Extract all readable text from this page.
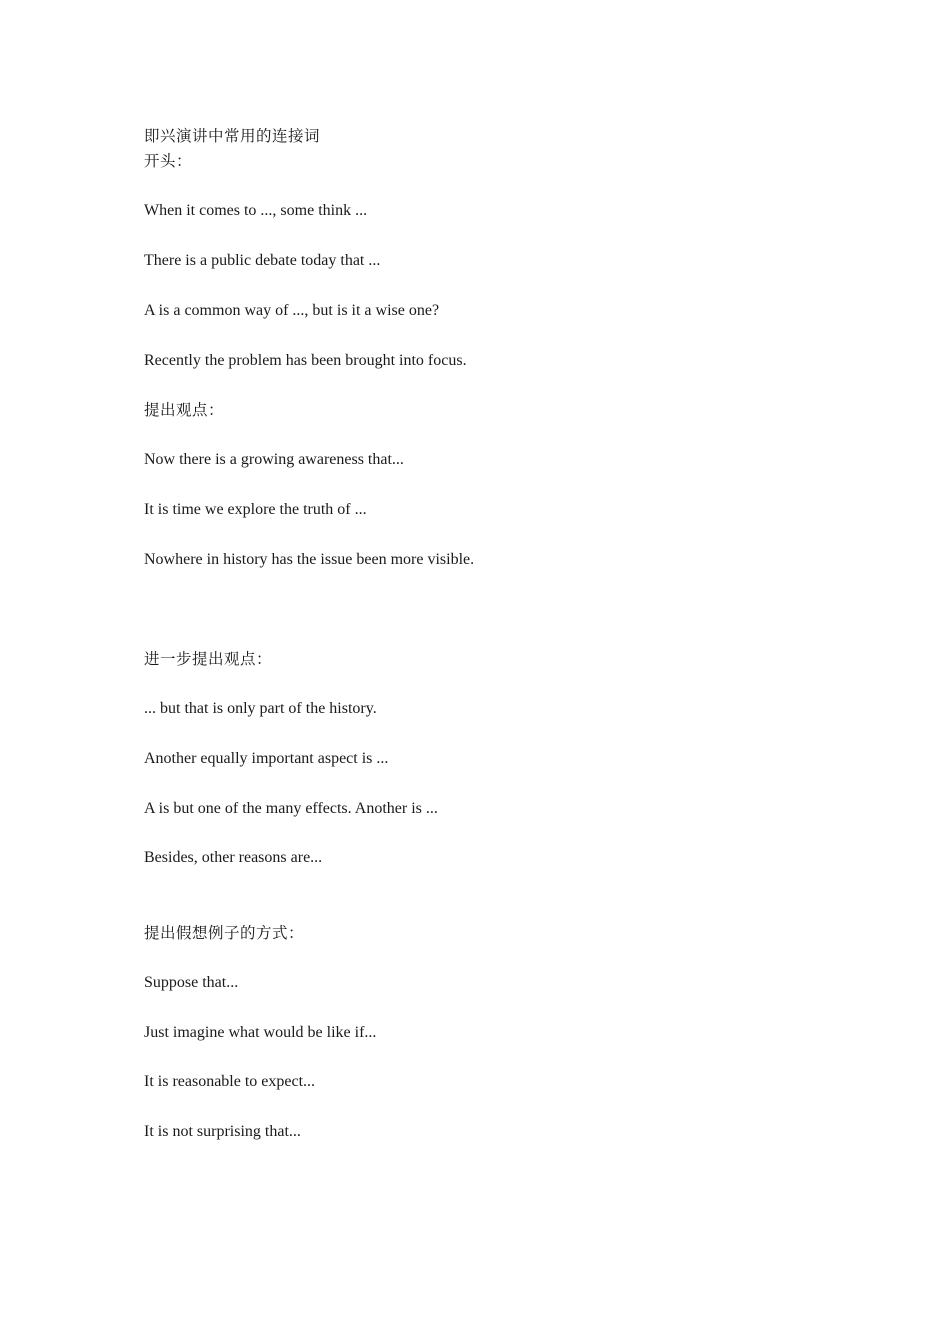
即兴演讲中常用的连接词
开头：
When it comes to ..., some think ...
There is a public debate today that ...
A is a common way of ..., but is it a wise one?
Recently the problem has been brought into focus.
提出观点：
Now there is a growing awareness that...
It is time we explore the truth of ...
Nowhere in history has the issue been more visible.
进一步提出观点：
... but that is only part of the history.
Another equally important aspect is ...
A is but one of the many effects. Another is ...
Besides, other reasons are...
提出假想例子的方式：
Suppose that...
Just imagine what would be like if...
It is reasonable to expect...
It is not surprising that...
